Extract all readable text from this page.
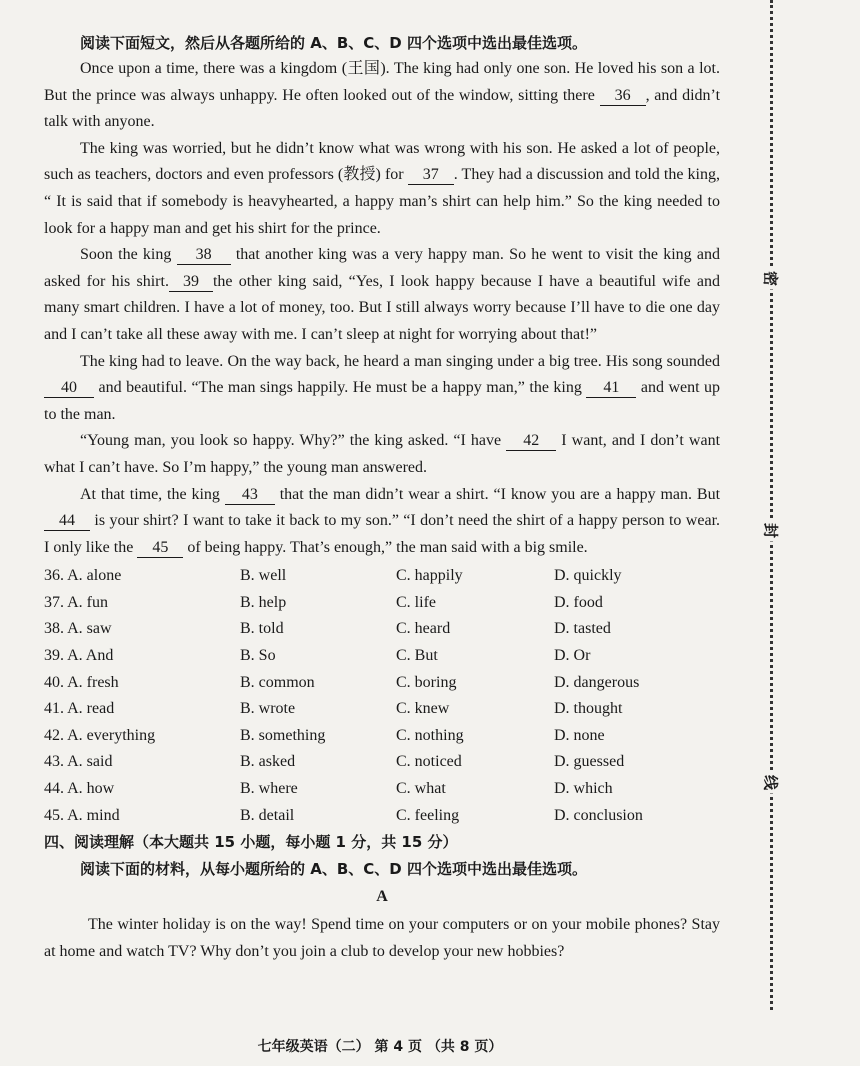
密
封
线

阅读下面短文，然后从各题所给的 A、B、C、D 四个选项中选出最佳选项。

Once upon a time, there was a kingdom (王国). The king had only one son. He loved his son a lot. But the prince was always unhappy. He often looked out of the window, sitting there 36 , and didn’t talk with anyone.

The king was worried, but he didn’t know what was wrong with his son. He asked a lot of people, such as teachers, doctors and even professors (教授) for 37 . They had a discussion and told the king, “ It is said that if somebody is heavyhearted, a happy man’s shirt can help him.” So the king needed to look for a happy man and get his shirt for the prince.

Soon the king 38 that another king was a very happy man. So he went to visit the king and asked for his shirt. 39 the other king said, “Yes, I look happy because I have a beautiful wife and many smart children. I have a lot of money, too. But I still always worry because I’ll have to die one day and I can’t take all these away with me. I can’t sleep at night for worrying about that!”

The king had to leave. On the way back, he heard a man singing under a big tree. His song sounded 40 and beautiful. “The man sings happily. He must be a happy man,” the king 41 and went up to the man.

“Young man, you look so happy. Why?” the king asked. “I have 42 I want, and I don’t want what I can’t have. So I’m happy,” the young man answered.

At that time, the king 43 that the man didn’t wear a shirt. “I know you are a happy man. But 44 is your shirt? I want to take it back to my son.” “I don’t need the shirt of a happy person to wear. I only like the 45 of being happy. That’s enough,” the man said with a big smile.

36. A. alone	B. well	C. happily	D. quickly
37. A. fun	B. help	C. life	D. food
38. A. saw	B. told	C. heard	D. tasted
39. A. And	B. So	C. But	D. Or
40. A. fresh	B. common	C. boring	D. dangerous
41. A. read	B. wrote	C. knew	D. thought
42. A. everything	B. something	C. nothing	D. none
43. A. said	B. asked	C. noticed	D. guessed
44. A. how	B. where	C. what	D. which
45. A. mind	B. detail	C. feeling	D. conclusion

四、阅读理解（本大题共 15 小题，每小题 1 分，共 15 分）

阅读下面的材料，从每小题所给的 A、B、C、D 四个选项中选出最佳选项。

A

The winter holiday is on the way! Spend time on your computers or on your mobile phones? Stay at home and watch TV? Why don’t you join a club to develop your new hobbies?

七年级英语（二） 第 4 页 （共 8 页）
